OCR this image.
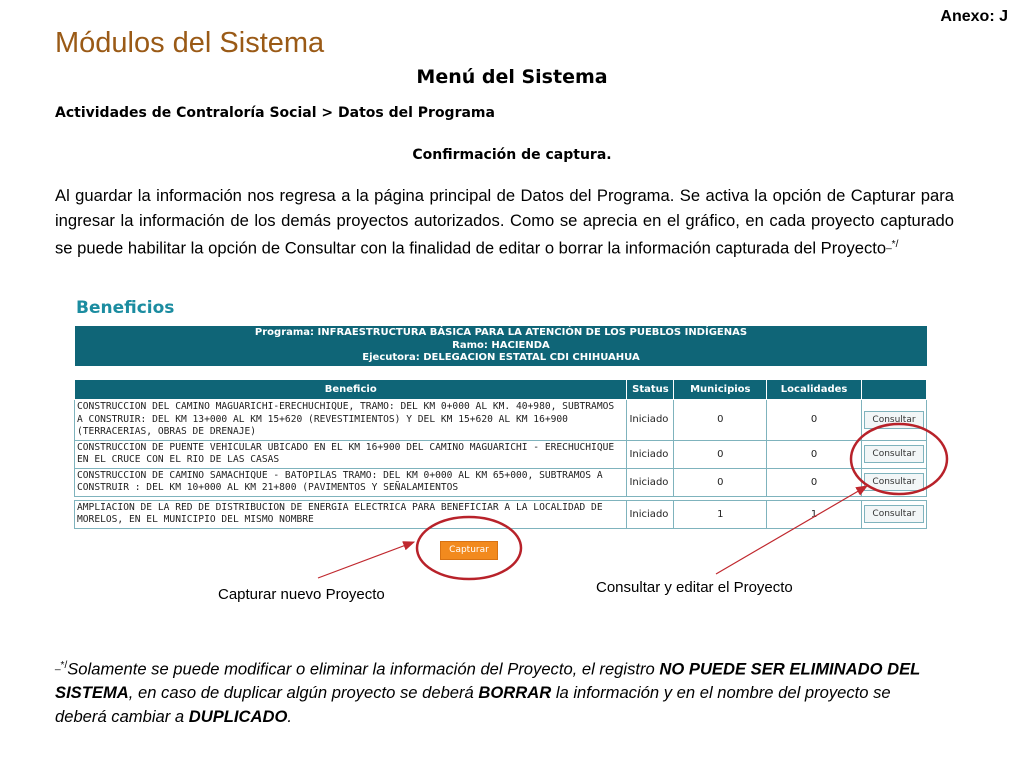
Anexo: J
Módulos del Sistema
Menú del Sistema
Actividades de Contraloría Social > Datos del Programa
Confirmación de captura.
Al guardar la información nos regresa a la página principal de Datos del Programa. Se activa la opción de Capturar para ingresar la información de los demás proyectos autorizados. Como se aprecia en el gráfico, en cada proyecto capturado se puede habilitar la opción de Consultar con la finalidad de editar o borrar la información capturada del Proyecto_*/
Beneficios
Programa: INFRAESTRUCTURA BÁSICA PARA LA ATENCIÓN DE LOS PUEBLOS INDÍGENAS
Ramo: HACIENDA
Ejecutora: DELEGACION ESTATAL CDI CHIHUAHUA
Beneficio	Status	Municipios	Localidades	
CONSTRUCCION DEL CAMINO MAGUARICHI-ERECHUCHIQUE, TRAMO: DEL KM 0+000 AL KM. 40+980, SUBTRAMOS A CONSTRUIR: DEL KM 13+000 AL KM 15+620 (REVESTIMIENTOS) Y DEL KM 15+620 AL KM 16+900 (TERRACERIAS, OBRAS DE DRENAJE)	Iniciado	0	0	Consultar
CONSTRUCCION DE PUENTE VEHICULAR UBICADO EN EL KM 16+900 DEL CAMINO MAGUARICHI - ERECHUCHIQUE EN EL CRUCE CON EL RIO DE LAS CASAS	Iniciado	0	0	Consultar
CONSTRUCCION DE CAMINO SAMACHIQUE - BATOPILAS TRAMO: DEL KM 0+000 AL KM 65+000, SUBTRAMOS A CONSTRUIR : DEL KM 10+000 AL KM 21+800 (PAVIMENTOS Y SEÑALAMIENTOS	Iniciado	0	0	Consultar

AMPLIACION DE LA RED DE DISTRIBUCION DE ENERGIA ELECTRICA PARA BENEFICIAR A LA LOCALIDAD DE MORELOS, EN EL MUNICIPIO DEL MISMO NOMBRE	Iniciado	1	1	Consultar
Capturar
Capturar nuevo Proyecto	Consultar y editar el Proyecto
_*/Solamente se puede modificar o eliminar la información del Proyecto, el registro NO PUEDE SER ELIMINADO DEL SISTEMA, en caso de duplicar algún proyecto se deberá BORRAR la información y en el nombre del proyecto se deberá cambiar a DUPLICADO.
